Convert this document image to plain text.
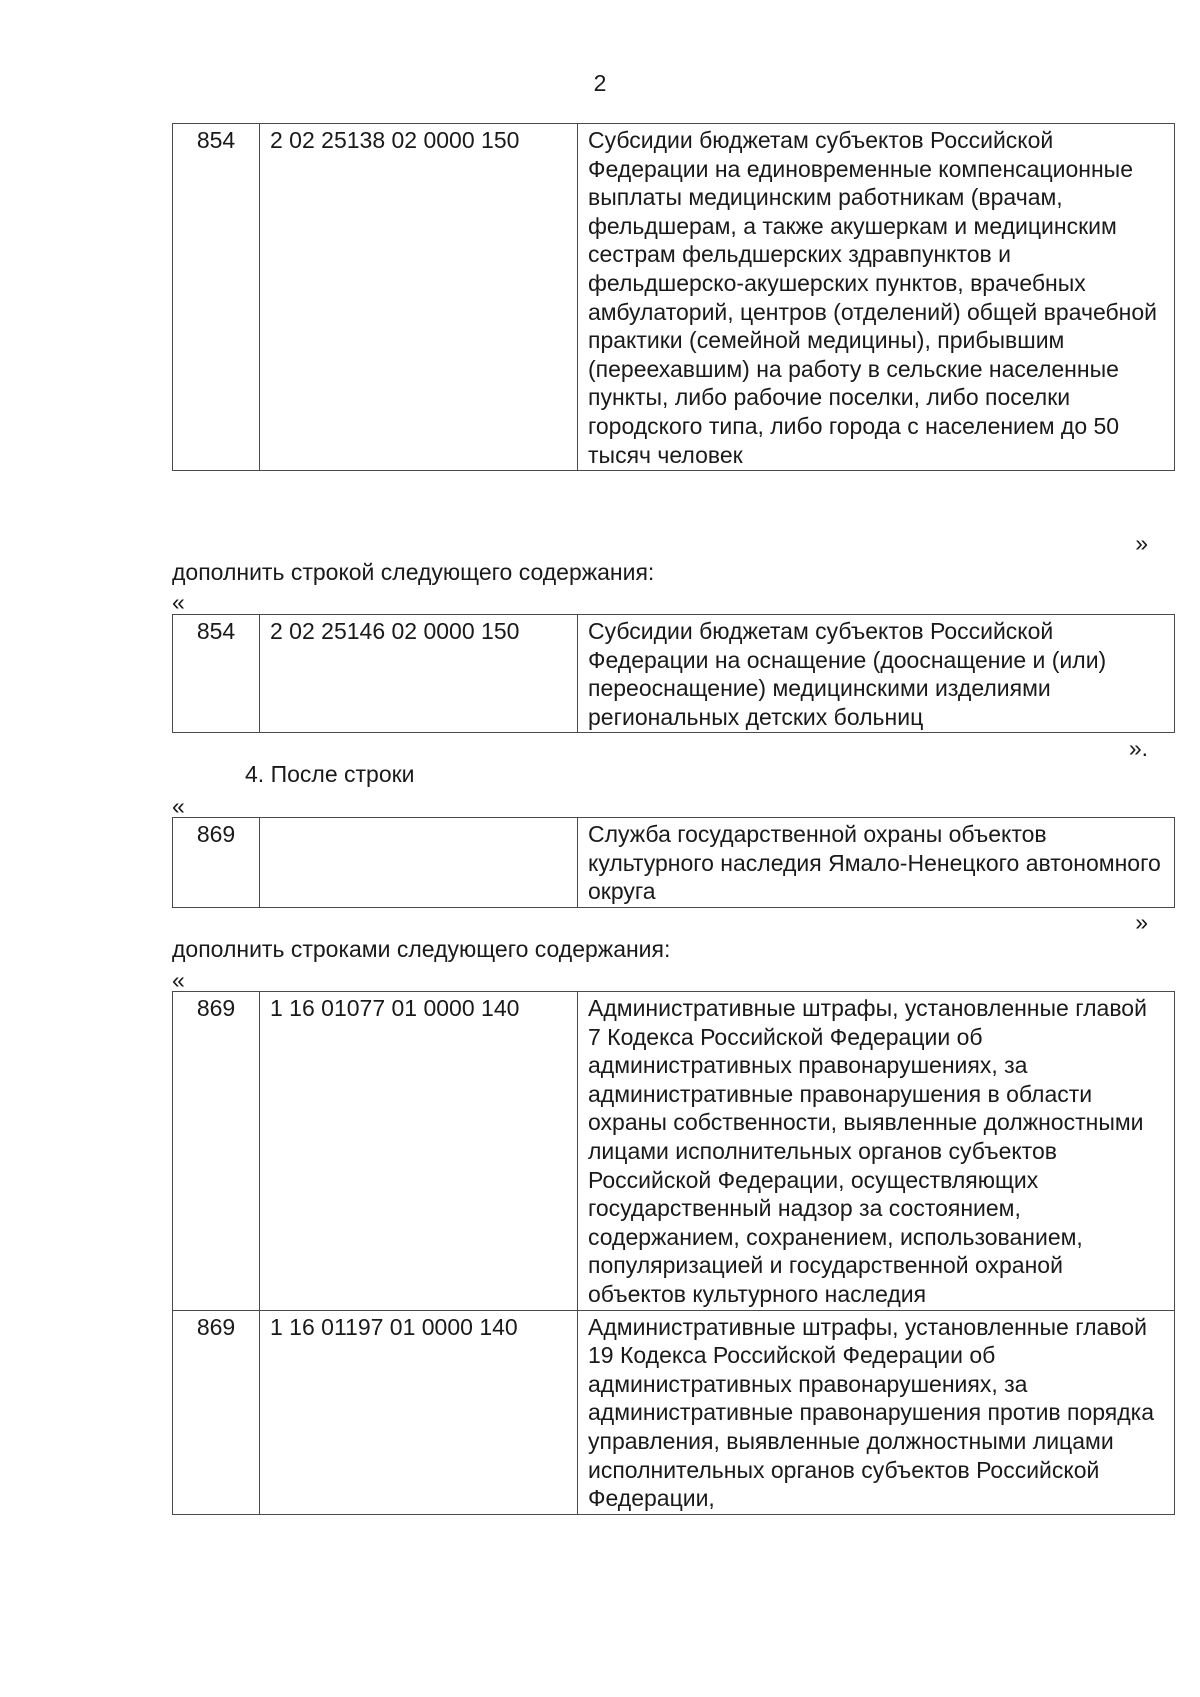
2
854	2 02 25138 02 0000 150	Субсидии бюджетам субъектов Российской Федерации на единовременные компенсационные выплаты медицинским работникам (врачам, фельдшерам, а также акушеркам и медицинским сестрам фельдшерских здравпунктов и фельдшерско-акушерских пунктов, врачебных амбулаторий, центров (отделений) общей врачебной практики (семейной медицины), прибывшим (переехавшим) на работу в сельские населенные пункты, либо рабочие поселки, либо поселки городского типа, либо города с населением до 50 тысяч человек
»
дополнить строкой следующего содержания:
«
854	2 02 25146 02 0000 150	Субсидии бюджетам субъектов Российской Федерации на оснащение (дооснащение и (или) переоснащение) медицинскими изделиями региональных детских больниц
».
4. После строки
«
869		Служба государственной охраны объектов культурного наследия Ямало-Ненецкого автономного округа
»
дополнить строками следующего содержания:
«
869	1 16 01077 01 0000 140	Административные штрафы, установленные главой 7 Кодекса Российской Федерации об административных правонарушениях, за административные правонарушения в области охраны собственности, выявленные должностными лицами исполнительных органов субъектов Российской Федерации, осуществляющих государственный надзор за состоянием, содержанием, сохранением, использованием, популяризацией и государственной охраной объектов культурного наследия
869	1 16 01197 01 0000 140	Административные штрафы, установленные главой 19 Кодекса Российской Федерации об административных правонарушениях, за административные правонарушения против порядка управления, выявленные должностными лицами исполнительных органов субъектов Российской Федерации,
